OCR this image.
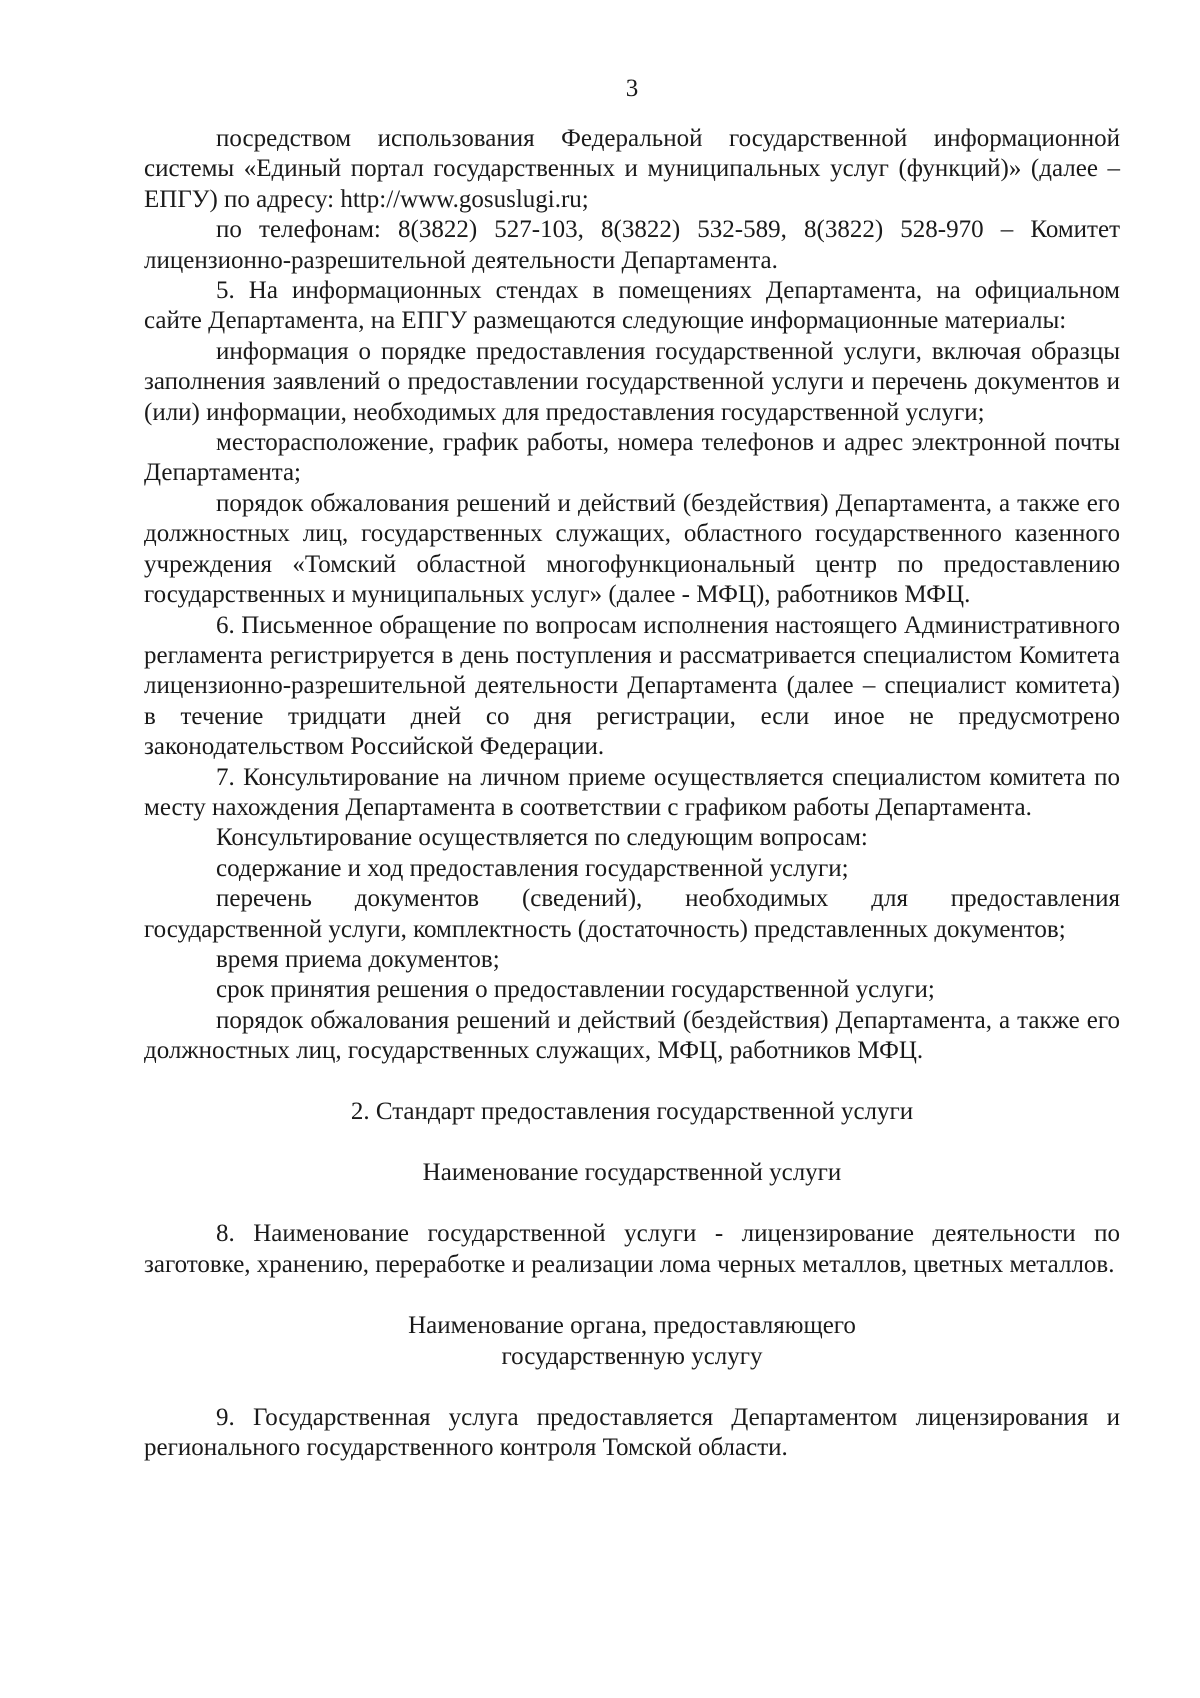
3

посредством использования Федеральной государственной информационной системы «Единый портал государственных и муниципальных услуг (функций)» (далее – ЕПГУ) по адресу: http://www.gosuslugi.ru;

по телефонам: 8(3822) 527-103, 8(3822) 532-589, 8(3822) 528-970 – Комитет лицензионно-разрешительной деятельности Департамента.

5. На информационных стендах в помещениях Департамента, на официальном сайте Департамента, на ЕПГУ размещаются следующие информационные материалы:

информация о порядке предоставления государственной услуги, включая образцы заполнения заявлений о предоставлении государственной услуги и перечень документов и (или) информации, необходимых для предоставления государственной услуги;

месторасположение, график работы, номера телефонов и адрес электронной почты Департамента;

порядок обжалования решений и действий (бездействия) Департамента, а также его должностных лиц, государственных служащих, областного государственного казенного учреждения «Томский областной многофункциональный центр по предоставлению государственных и муниципальных услуг» (далее - МФЦ), работников МФЦ.

6. Письменное обращение по вопросам исполнения настоящего Административного регламента регистрируется в день поступления и рассматривается специалистом Комитета лицензионно-разрешительной деятельности Департамента (далее – специалист комитета) в течение тридцати дней со дня регистрации, если иное не предусмотрено законодательством Российской Федерации.

7. Консультирование на личном приеме осуществляется специалистом комитета по месту нахождения Департамента в соответствии с графиком работы Департамента.

Консультирование осуществляется по следующим вопросам:

содержание и ход предоставления государственной услуги;

перечень документов (сведений), необходимых для предоставления государственной услуги, комплектность (достаточность) представленных документов;

время приема документов;

срок принятия решения о предоставлении государственной услуги;

порядок обжалования решений и действий (бездействия) Департамента, а также его должностных лиц, государственных служащих, МФЦ, работников МФЦ.

2. Стандарт предоставления государственной услуги

Наименование государственной услуги

8. Наименование государственной услуги - лицензирование деятельности по заготовке, хранению, переработке и реализации лома черных металлов, цветных металлов.

Наименование органа, предоставляющего
государственную услугу

9. Государственная услуга предоставляется Департаментом лицензирования и регионального государственного контроля Томской области.
